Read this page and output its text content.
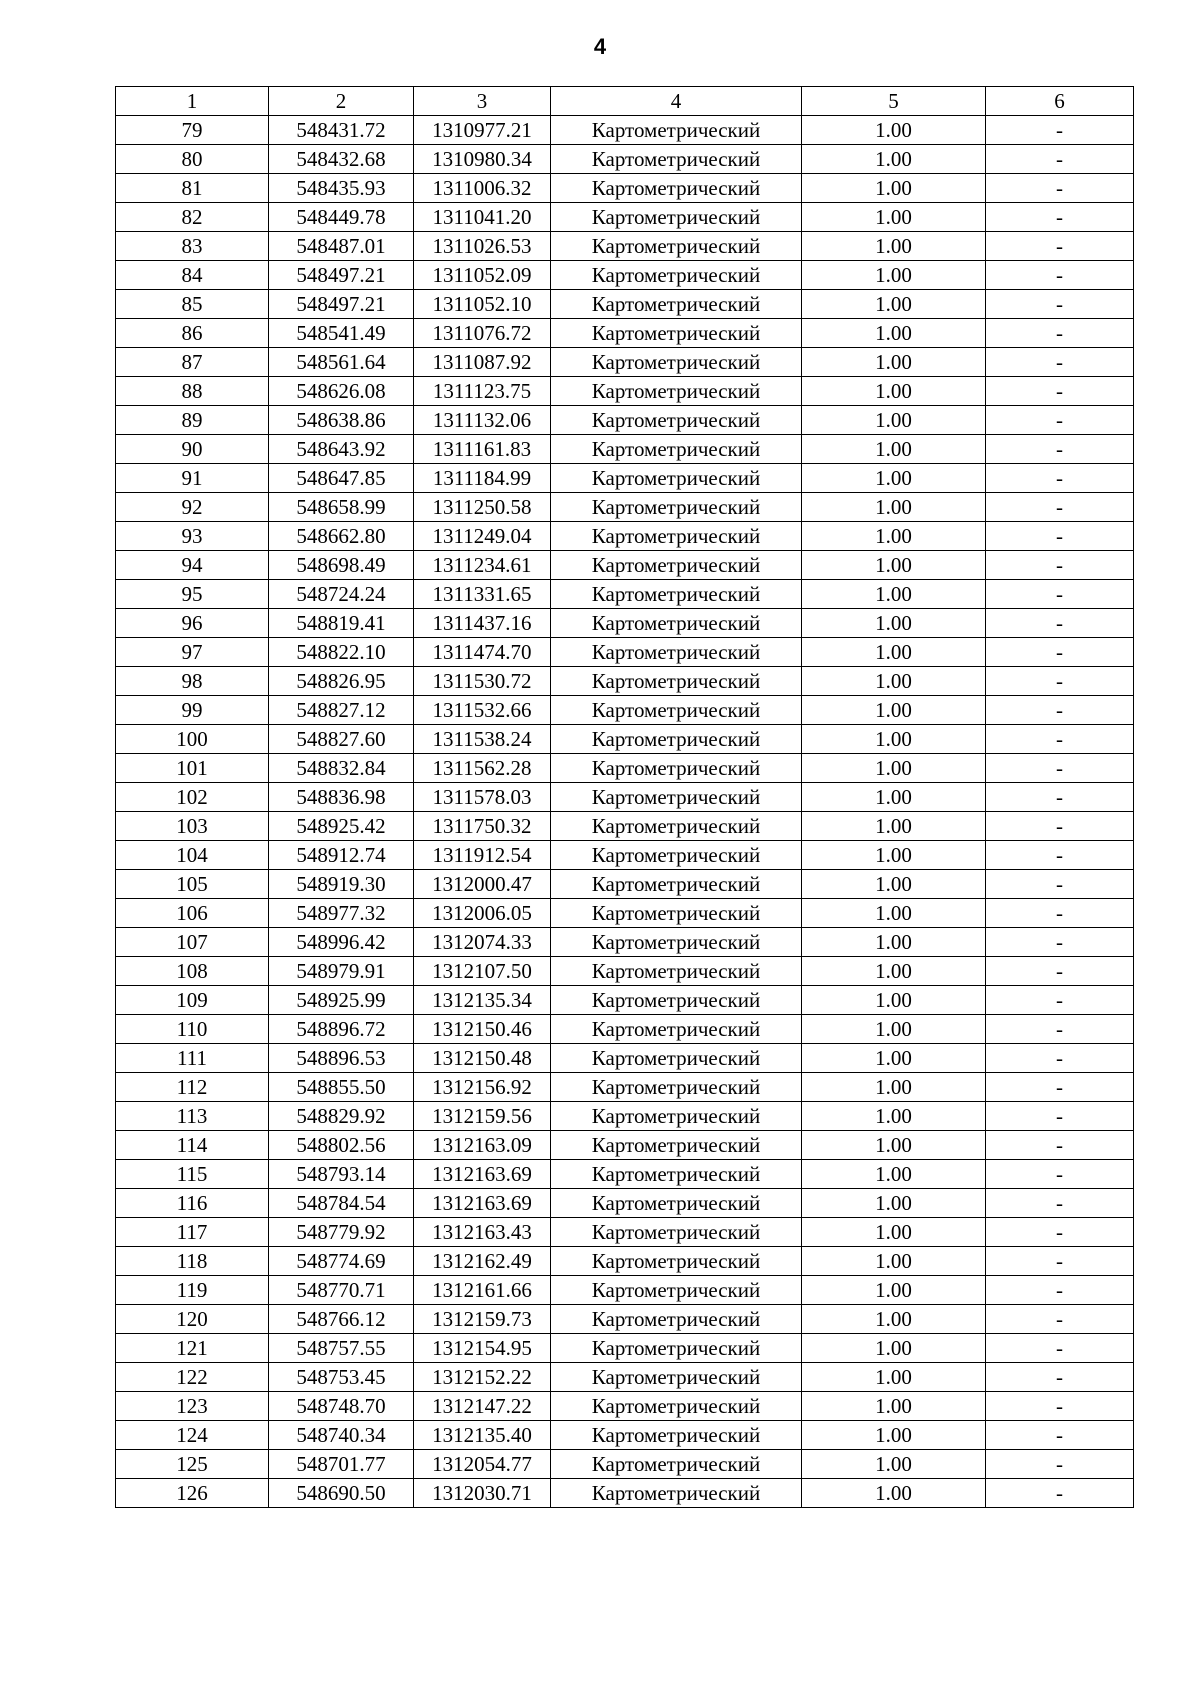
4
1	2	3	4	5	6
79	548431.72	1310977.21	Картометрический	1.00	-
80	548432.68	1310980.34	Картометрический	1.00	-
81	548435.93	1311006.32	Картометрический	1.00	-
82	548449.78	1311041.20	Картометрический	1.00	-
83	548487.01	1311026.53	Картометрический	1.00	-
84	548497.21	1311052.09	Картометрический	1.00	-
85	548497.21	1311052.10	Картометрический	1.00	-
86	548541.49	1311076.72	Картометрический	1.00	-
87	548561.64	1311087.92	Картометрический	1.00	-
88	548626.08	1311123.75	Картометрический	1.00	-
89	548638.86	1311132.06	Картометрический	1.00	-
90	548643.92	1311161.83	Картометрический	1.00	-
91	548647.85	1311184.99	Картометрический	1.00	-
92	548658.99	1311250.58	Картометрический	1.00	-
93	548662.80	1311249.04	Картометрический	1.00	-
94	548698.49	1311234.61	Картометрический	1.00	-
95	548724.24	1311331.65	Картометрический	1.00	-
96	548819.41	1311437.16	Картометрический	1.00	-
97	548822.10	1311474.70	Картометрический	1.00	-
98	548826.95	1311530.72	Картометрический	1.00	-
99	548827.12	1311532.66	Картометрический	1.00	-
100	548827.60	1311538.24	Картометрический	1.00	-
101	548832.84	1311562.28	Картометрический	1.00	-
102	548836.98	1311578.03	Картометрический	1.00	-
103	548925.42	1311750.32	Картометрический	1.00	-
104	548912.74	1311912.54	Картометрический	1.00	-
105	548919.30	1312000.47	Картометрический	1.00	-
106	548977.32	1312006.05	Картометрический	1.00	-
107	548996.42	1312074.33	Картометрический	1.00	-
108	548979.91	1312107.50	Картометрический	1.00	-
109	548925.99	1312135.34	Картометрический	1.00	-
110	548896.72	1312150.46	Картометрический	1.00	-
111	548896.53	1312150.48	Картометрический	1.00	-
112	548855.50	1312156.92	Картометрический	1.00	-
113	548829.92	1312159.56	Картометрический	1.00	-
114	548802.56	1312163.09	Картометрический	1.00	-
115	548793.14	1312163.69	Картометрический	1.00	-
116	548784.54	1312163.69	Картометрический	1.00	-
117	548779.92	1312163.43	Картометрический	1.00	-
118	548774.69	1312162.49	Картометрический	1.00	-
119	548770.71	1312161.66	Картометрический	1.00	-
120	548766.12	1312159.73	Картометрический	1.00	-
121	548757.55	1312154.95	Картометрический	1.00	-
122	548753.45	1312152.22	Картометрический	1.00	-
123	548748.70	1312147.22	Картометрический	1.00	-
124	548740.34	1312135.40	Картометрический	1.00	-
125	548701.77	1312054.77	Картометрический	1.00	-
126	548690.50	1312030.71	Картометрический	1.00	-
